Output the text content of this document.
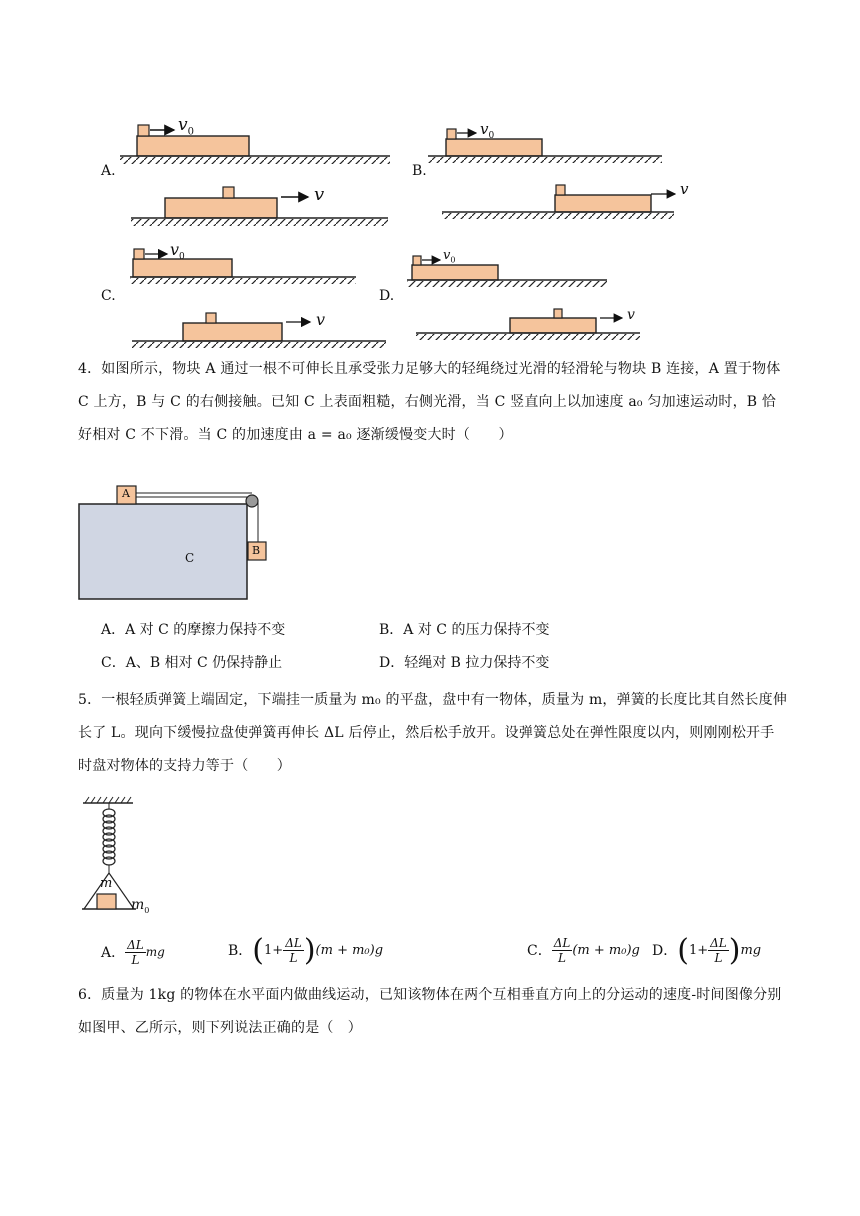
A.	B.
C.	D.
$v_0$
v
$v_0$
v
$v_0$
v
$v_0$
v
4．如图所示，物块 A 通过一根不可伸长且承受张力足够大的轻绳绕过光滑的轻滑轮与物块 B 连接，A 置于物体 C 上方，B 与 C 的右侧接触。已知 C 上表面粗糙，右侧光滑，当 C 竖直向上以加速度 a₀ 匀加速运动时，B 恰好相对 C 不下滑。当 C 的加速度由 a = a₀ 逐渐缓慢变大时（　　）
A
B
C
A．A 对 C 的摩擦力保持不变	B．A 对 C 的压力保持不变
C．A、B 相对 C 仍保持静止	D．轻绳对 B 拉力保持不变
5．一根轻质弹簧上端固定，下端挂一质量为 m₀ 的平盘，盘中有一物体，质量为 m，弹簧的长度比其自然长度伸长了 L。现向下缓慢拉盘使弹簧再伸长 ΔL 后停止，然后松手放开。设弹簧总处在弹性限度以内，则刚刚松开手时盘对物体的支持力等于（　　）
m
$m_0$
A． $\frac{\Delta L}{L}$ mg	B． ( $1+ \frac{\Delta L}{L}$ ) (m + m₀)g	C． $\frac{\Delta L}{L} (m + m_0)g$ D． ( $1+ \frac{\Delta L}{L}$ ) mg
6．质量为 1kg 的物体在水平面内做曲线运动，已知该物体在两个互相垂直方向上的分运动的速度-时间图像分别如图甲、乙所示，则下列说法正确的是（　）
